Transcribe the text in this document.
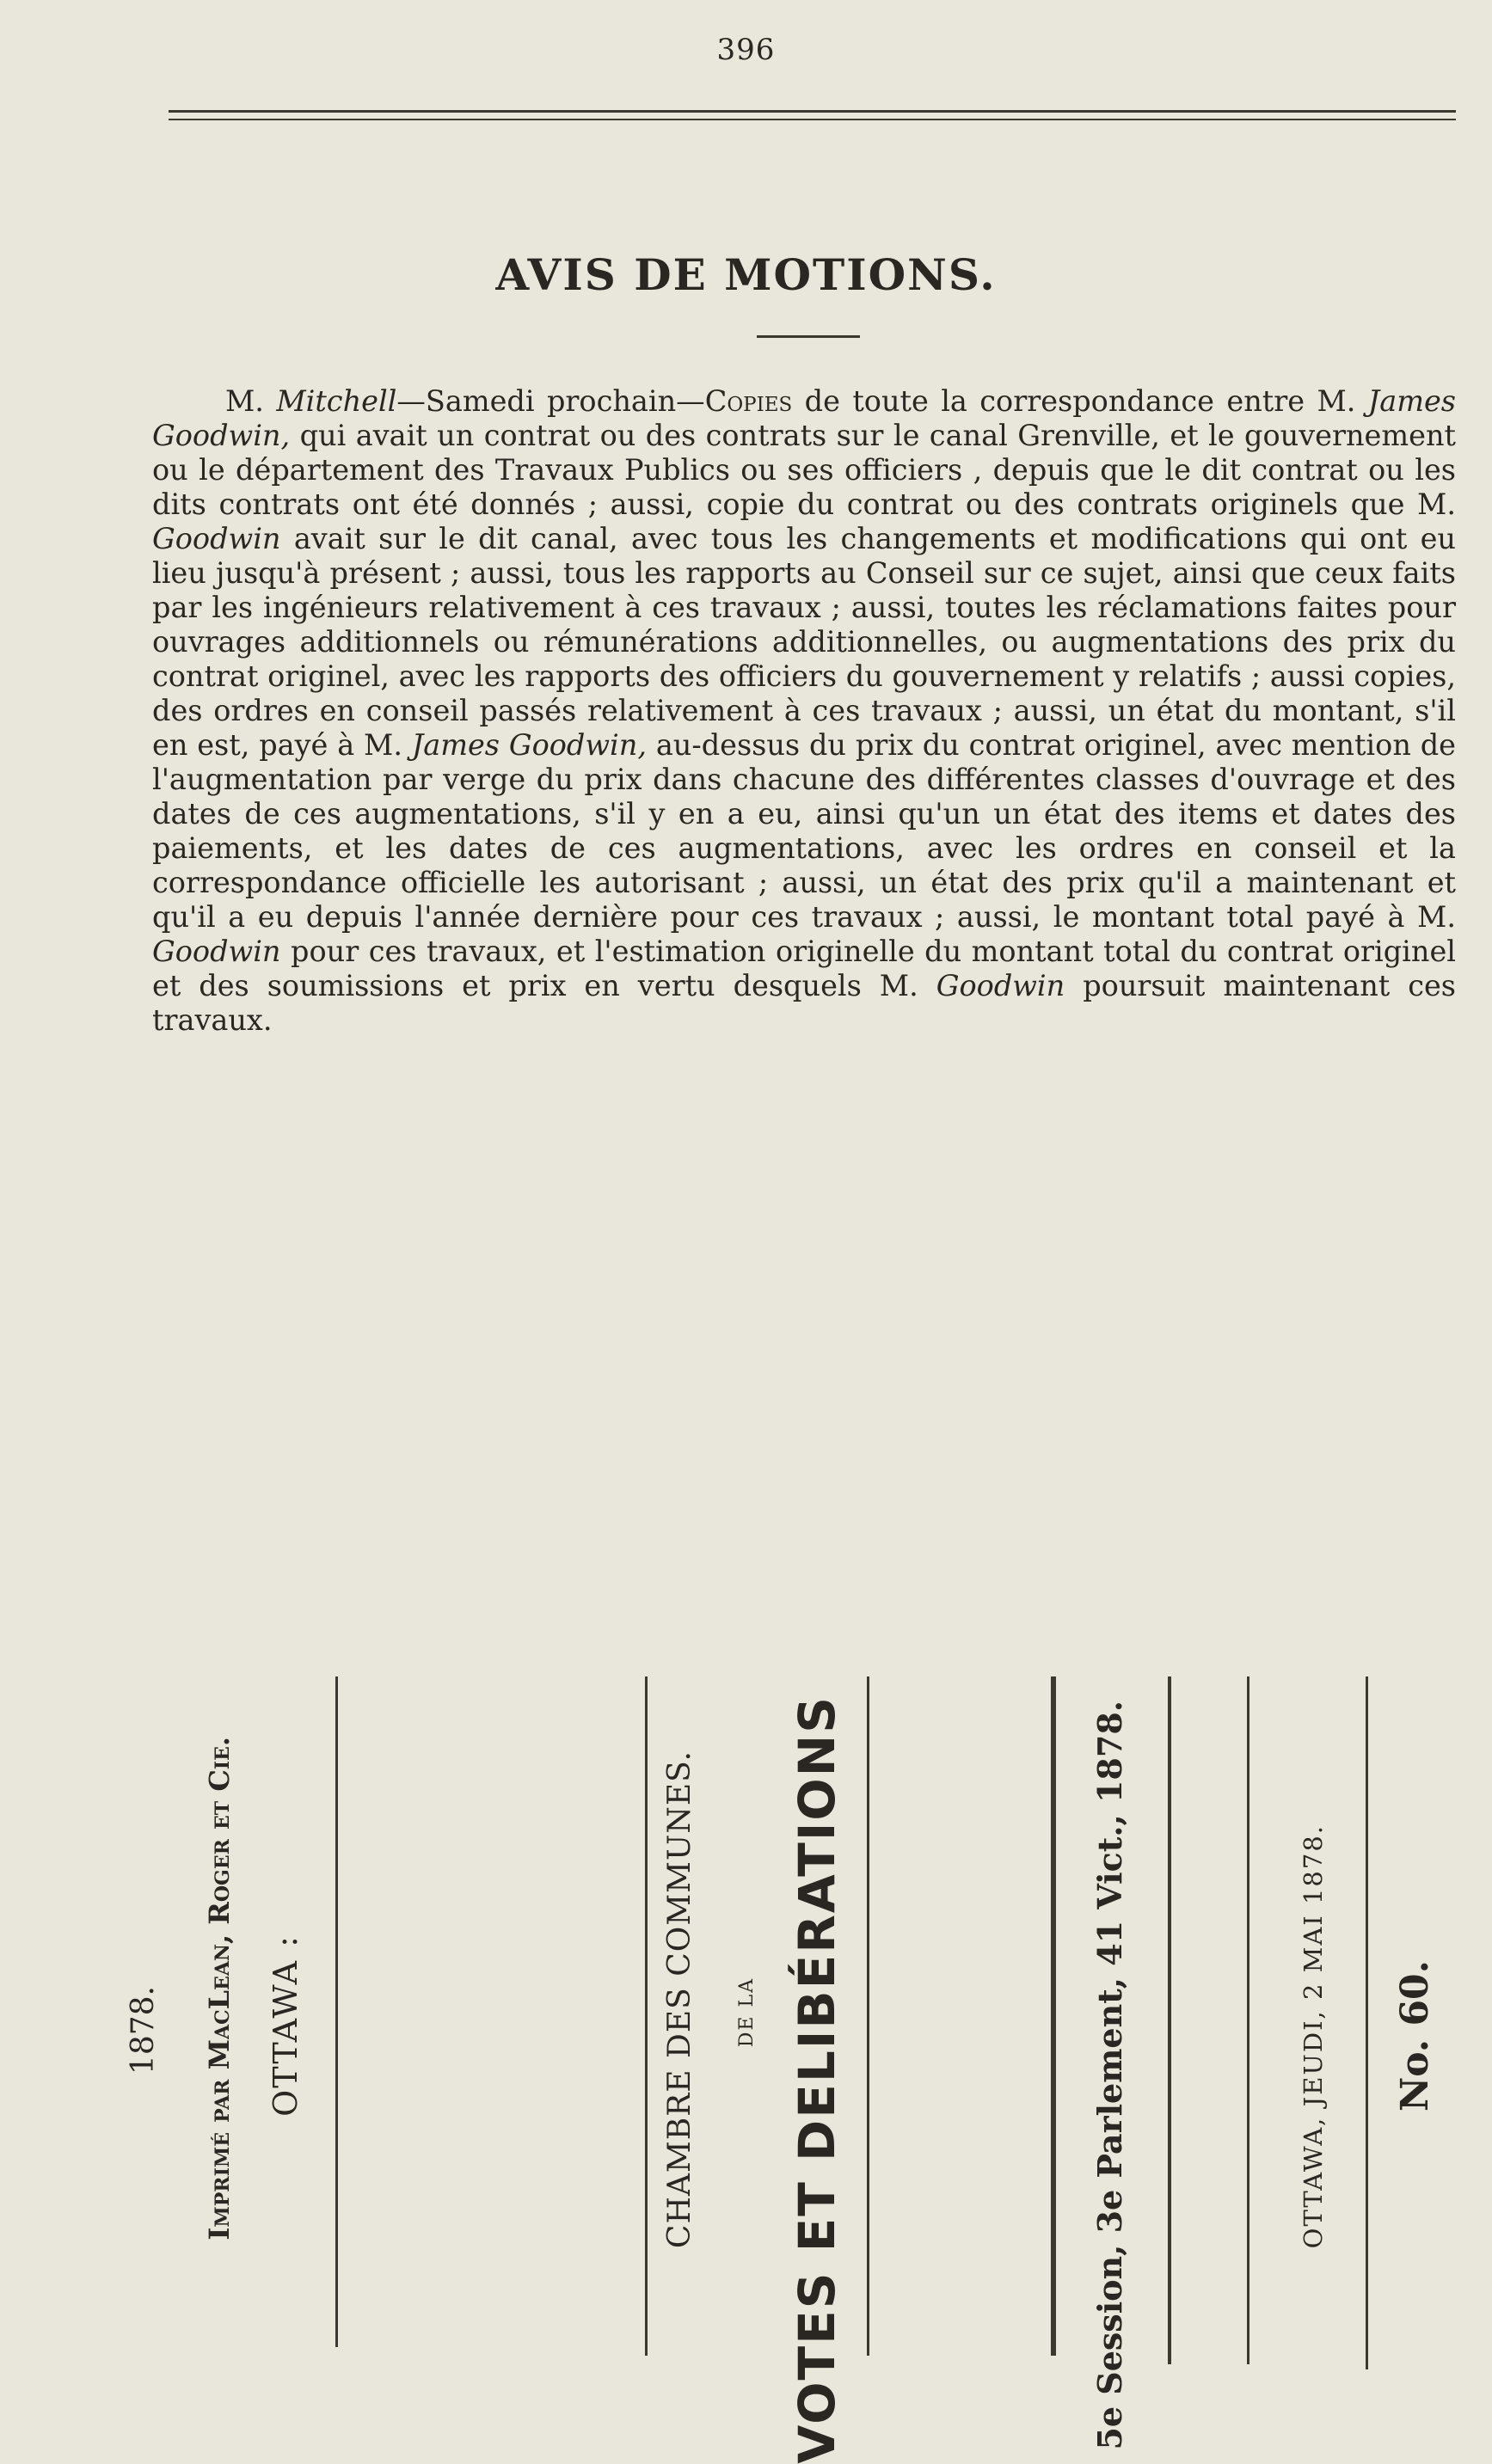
396
AVIS DE MOTIONS.

M. Mitchell—Samedi prochain—Copies de toute la correspondance entre M. James Goodwin, qui avait un contrat ou des contrats sur le canal Grenville, et le gouvernement ou le département des Travaux Publics ou ses officiers , depuis que le dit contrat ou les dits contrats ont été donnés ; aussi, copie du contrat ou des contrats originels que M. Goodwin avait sur le dit canal, avec tous les changements et modifications qui ont eu lieu jusqu'à présent ; aussi, tous les rapports au Conseil sur ce sujet, ainsi que ceux faits par les ingénieurs relativement à ces travaux ; aussi, toutes les réclamations faites pour ouvrages additionnels ou rémunérations additionnelles, ou augmentations des prix du contrat originel, avec les rapports des officiers du gouvernement y relatifs ; aussi copies, des ordres en conseil passés relativement à ces travaux ; aussi, un état du montant, s'il en est, payé à M. James Goodwin, au-dessus du prix du contrat originel, avec mention de l'augmentation par verge du prix dans chacune des différentes classes d'ouvrage et des dates de ces augmentations, s'il y en a eu, ainsi qu'un un état des items et dates des paiements, et les dates de ces augmentations, avec les ordres en conseil et la correspondance officielle les autorisant ; aussi, un état des prix qu'il a maintenant et qu'il a eu depuis l'année dernière pour ces travaux ; aussi, le montant total payé à M. Goodwin pour ces travaux, et l'estimation originelle du montant total du contrat originel et des soumissions et prix en vertu desquels M. Goodwin poursuit maintenant ces travaux.

No. 60.
OTTAWA, JEUDI, 2 MAI 1878.
5e Session, 3e Parlement, 41 Vict., 1878.
VOTES ET DELIBÉRATIONS
DE LA
CHAMBRE DES COMMUNES.
OTTAWA :
Imprimé par MacLean, Roger et Cie.
1878.
